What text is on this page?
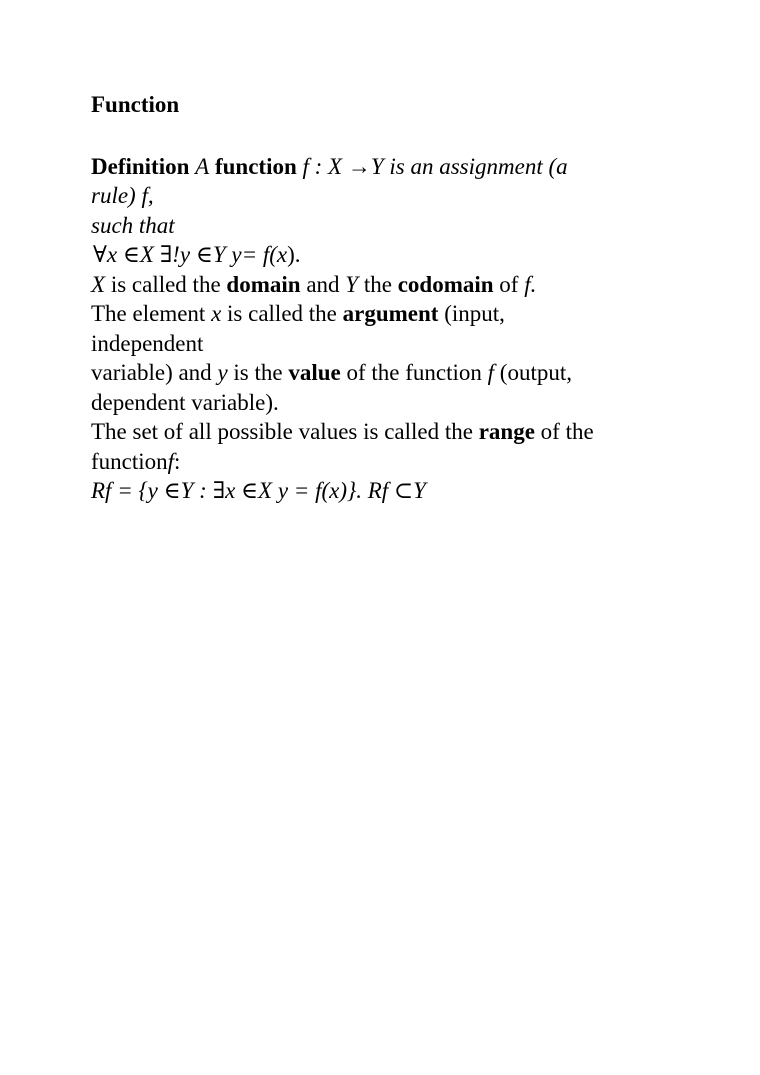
Function
Definition A function f : X →Y is an assignment (a
rule) f,
such that
∀x ∈X ∃!y ∈Y y= f(x).
X is called the domain and Y the codomain of f.
The element x is called the argument (input,
independent
variable) and y is the value of the function f (output,
dependent variable).
The set of all possible values is called the range of the
functionf:
Rf = {y ∈Y : ∃x ∈X y = f(x)}. Rf ⊂Y
